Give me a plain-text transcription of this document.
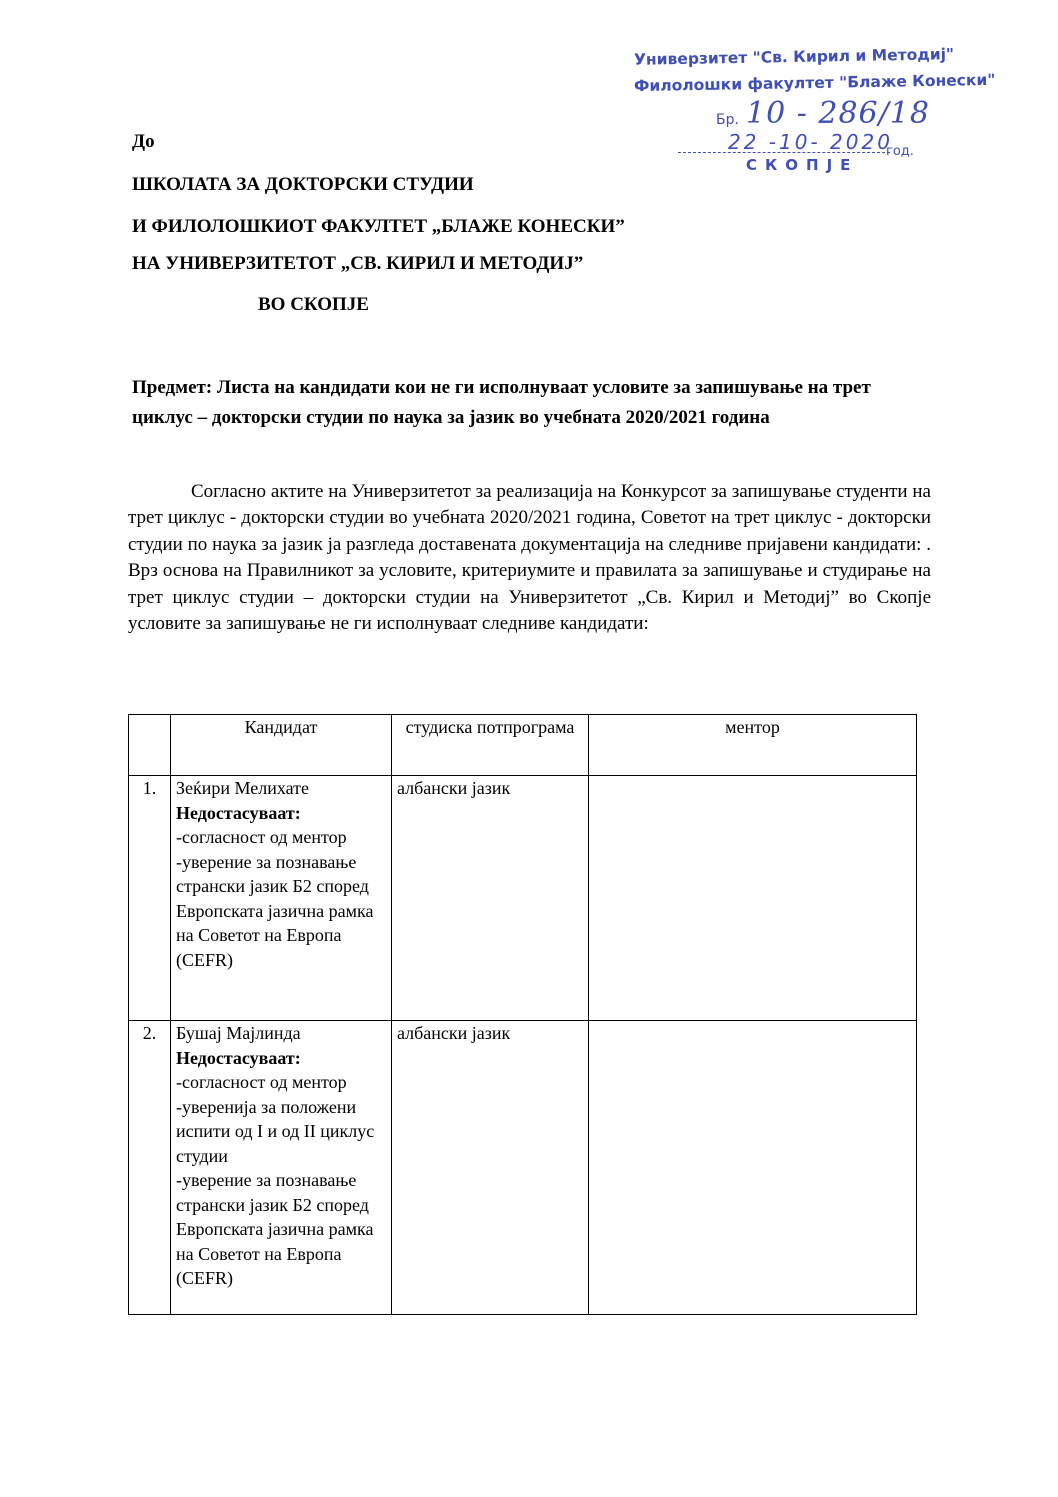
Универзитет "Св. Кирил и Методиј"
Филолошки факултет "Блаже Конески"
Бр. 10 - 286/18
22 -10- 2020
год.
СКОПЈЕ
До
ШКОЛАТА ЗА ДОКТОРСКИ СТУДИИ
И ФИЛОЛОШКИОТ ФАКУЛТЕТ „БЛАЖЕ КОНЕСКИ”
НА УНИВЕРЗИТЕТОТ „СВ. КИРИЛ И МЕТОДИЈ”
ВО СКОПЈЕ
Предмет: Листа на кандидати кои не ги исполнуваат условите за запишување на трет циклус – докторски студии по наука за јазик во учебната 2020/2021 година
Согласно актите на Универзитетот за реализација на Конкурсот за запишување студенти на трет циклус - докторски студии во учебната 2020/2021 година, Советот на трет циклус - докторски студии по наука за јазик ја разгледа доставената документација на следниве пријавени кандидати: . Врз основа на Правилникот за условите, критериумите и правилата за запишување и студирање на трет циклус студии – докторски студии на Универзитетот „Св. Кирил и Методиј” во Скопје условите за запишување не ги исполнуваат следниве кандидати:
	Кандидат	студиска потпрограма	ментор
1.	Зеќири Мелихате
Недостасуваат:
-согласност од ментор
-уверение за познавање странски јазик Б2 според Европската јазична рамка на Советот на Европа (CEFR)	албански јазик	
2.	Бушај Мајлинда
Недостасуваат:
-согласност од ментор
-уверенија за положени испити од I и од II циклус студии
-уверение за познавање странски јазик Б2 според Европската јазична рамка на Советот на Европа (CEFR)	албански јазик	
